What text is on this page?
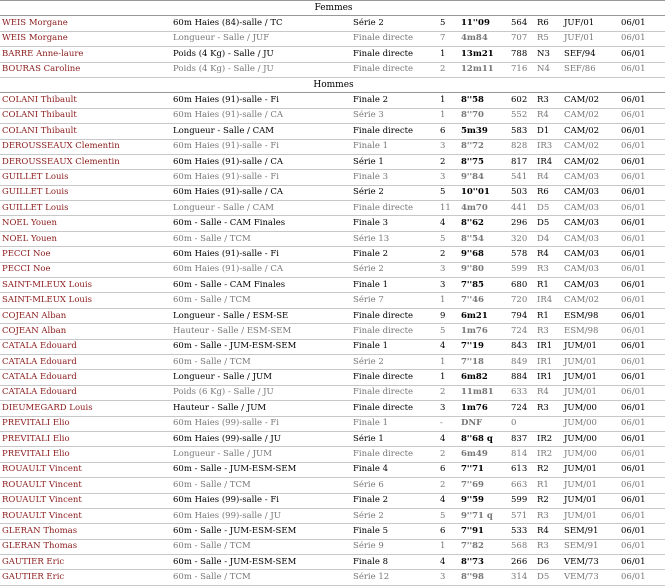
Femmes								
WEIS Morgane	60m Haies (84)-salle / TC	Série 2	5	11''09	564	R6	JUF/01	06/01
WEIS Morgane	Longueur - Salle / JUF	Finale directe	7	4m84	707	R5	JUF/01	06/01
BARRE Anne-laure	Poids (4 Kg) - Salle / JU	Finale directe	1	13m21	788	N3	SEF/94	06/01
BOURAS Caroline	Poids (4 Kg) - Salle / JU	Finale directe	2	12m11	716	N4	SEF/86	06/01
Hommes								
COLANI Thibault	60m Haies (91)-salle - Fi	Finale 2	1	8''58	602	R3	CAM/02	06/01
COLANI Thibault	60m Haies (91)-salle / CA	Série 3	1	8''70	552	R4	CAM/02	06/01
COLANI Thibault	Longueur - Salle / CAM	Finale directe	6	5m39	583	D1	CAM/02	06/01
DEROUSSEAUX Clementin	60m Haies (91)-salle - Fi	Finale 1	3	8''72	828	IR3	CAM/02	06/01
DEROUSSEAUX Clementin	60m Haies (91)-salle / CA	Série 1	2	8''75	817	IR4	CAM/02	06/01
GUILLET Louis	60m Haies (91)-salle - Fi	Finale 3	3	9''84	541	R4	CAM/03	06/01
GUILLET Louis	60m Haies (91)-salle / CA	Série 2	5	10''01	503	R6	CAM/03	06/01
GUILLET Louis	Longueur - Salle / CAM	Finale directe	11	4m70	441	D5	CAM/03	06/01
NOEL Youen	60m - Salle - CAM Finales	Finale 3	4	8''62	296	D5	CAM/03	06/01
NOEL Youen	60m - Salle / TCM	Série 13	5	8''54	320	D4	CAM/03	06/01
PECCI Noe	60m Haies (91)-salle - Fi	Finale 2	2	9''68	578	R4	CAM/03	06/01
PECCI Noe	60m Haies (91)-salle / CA	Série 2	3	9''80	599	R3	CAM/03	06/01
SAINT-MLEUX Louis	60m - Salle - CAM Finales	Finale 1	3	7''85	680	R1	CAM/03	06/01
SAINT-MLEUX Louis	60m - Salle / TCM	Série 7	1	7''46	720	IR4	CAM/02	06/01
COJEAN Alban	Longueur - Salle / ESM-SE	Finale directe	9	6m21	794	R1	ESM/98	06/01
COJEAN Alban	Hauteur - Salle / ESM-SEM	Finale directe	5	1m76	724	R3	ESM/98	06/01
CATALA Edouard	60m - Salle - JUM-ESM-SEM	Finale 1	4	7''19	843	IR1	JUM/01	06/01
CATALA Edouard	60m - Salle / TCM	Série 2	1	7''18	849	IR1	JUM/01	06/01
CATALA Edouard	Longueur - Salle / JUM	Finale directe	1	6m82	884	IR1	JUM/01	06/01
CATALA Edouard	Poids (6 Kg) - Salle / JU	Finale directe	2	11m81	633	R4	JUM/01	06/01
DIEUMEGARD Louis	Hauteur - Salle / JUM	Finale directe	3	1m76	724	R3	JUM/00	06/01
PREVITALI Elio	60m Haies (99)-salle - Fi	Finale 1	-	DNF	0		JUM/00	06/01
PREVITALI Elio	60m Haies (99)-salle / JU	Série 1	4	8''68 q	837	IR2	JUM/00	06/01
PREVITALI Elio	Longueur - Salle / JUM	Finale directe	2	6m49	814	IR2	JUM/00	06/01
ROUAULT Vincent	60m - Salle - JUM-ESM-SEM	Finale 4	6	7''71	613	R2	JUM/01	06/01
ROUAULT Vincent	60m - Salle / TCM	Série 6	2	7''69	663	R1	JUM/01	06/01
ROUAULT Vincent	60m Haies (99)-salle - Fi	Finale 2	4	9''59	599	R2	JUM/01	06/01
ROUAULT Vincent	60m Haies (99)-salle / JU	Série 2	5	9''71 q	571	R3	JUM/01	06/01
GLERAN Thomas	60m - Salle - JUM-ESM-SEM	Finale 5	6	7''91	533	R4	SEM/91	06/01
GLERAN Thomas	60m - Salle / TCM	Série 9	1	7''82	568	R3	SEM/91	06/01
GAUTIER Eric	60m - Salle - JUM-ESM-SEM	Finale 8	4	8''73	266	D6	VEM/73	06/01
GAUTIER Eric	60m - Salle / TCM	Série 12	3	8''98	314	D5	VEM/73	06/01
